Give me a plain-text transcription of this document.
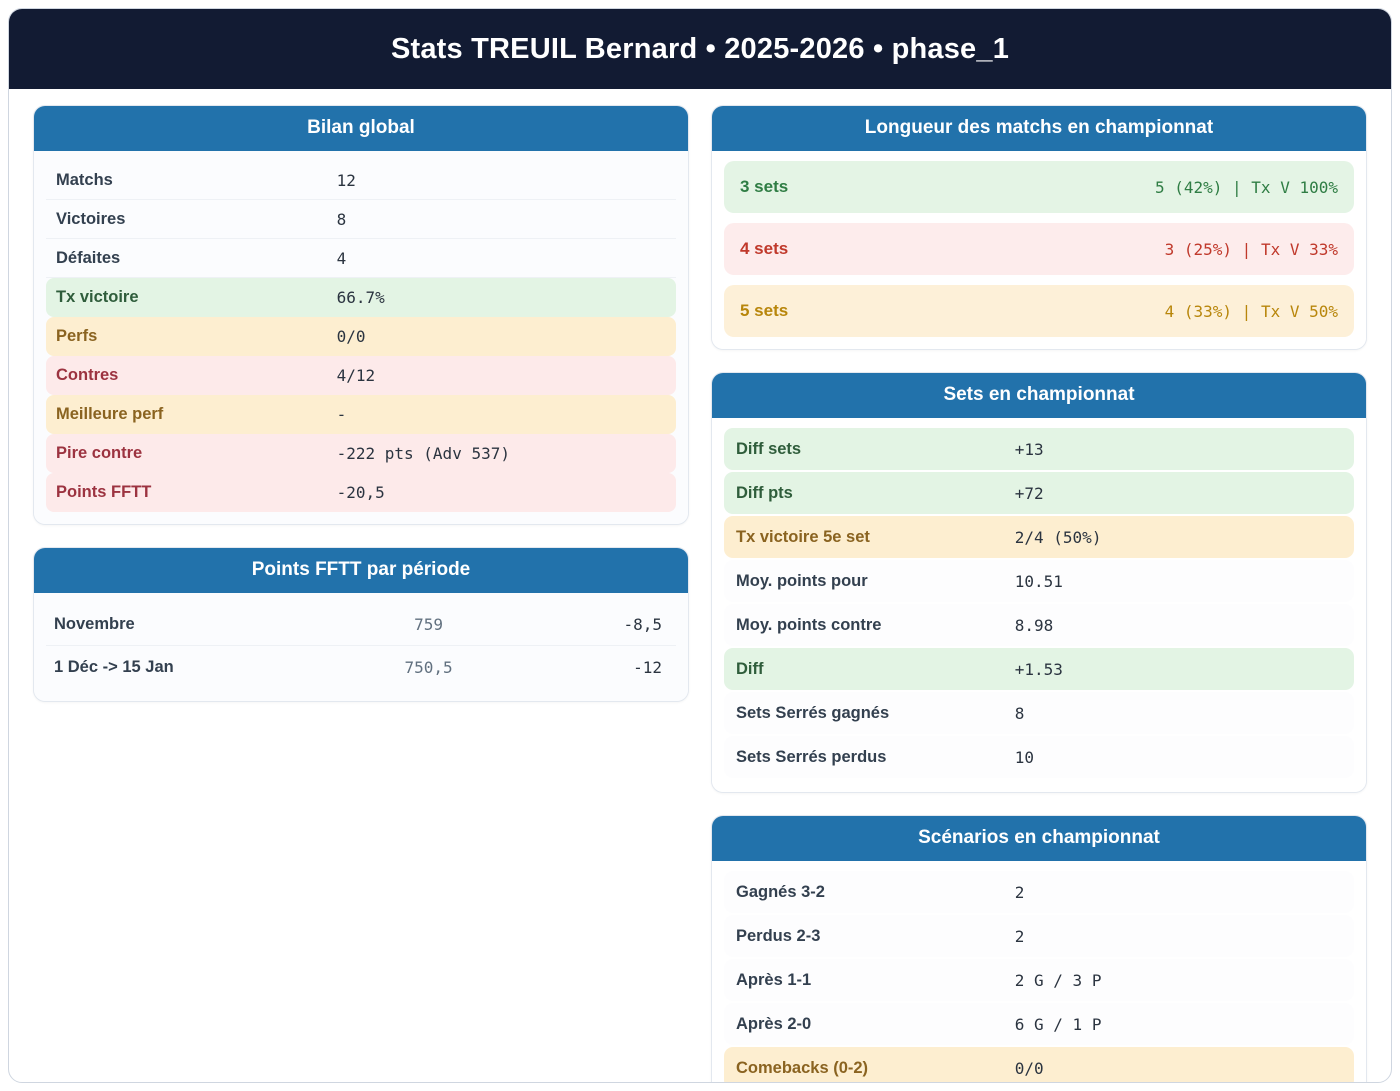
Stats TREUIL Bernard • 2025-2026 • phase_1
Bilan global
Matchs	12
Victoires	8
Défaites	4
Tx victoire	66.7%
Perfs	0/0
Contres	4/12
Meilleure perf	-
Pire contre	-222 pts (Adv 537)
Points FFTT	-20,5
Points FFTT par période
Novembre	759	-8,5
1 Déc -> 15 Jan	750,5	-12
Longueur des matchs en championnat
3 sets	5 (42%) | Tx V 100%
4 sets	3 (25%) | Tx V 33%
5 sets	4 (33%) | Tx V 50%
Sets en championnat
Diff sets	+13
Diff pts	+72
Tx victoire 5e set	2/4 (50%)
Moy. points pour	10.51
Moy. points contre	8.98
Diff	+1.53
Sets Serrés gagnés	8
Sets Serrés perdus	10
Scénarios en championnat
Gagnés 3-2	2
Perdus 2-3	2
Après 1-1	2 G / 3 P
Après 2-0	6 G / 1 P
Comebacks (0-2)	0/0
